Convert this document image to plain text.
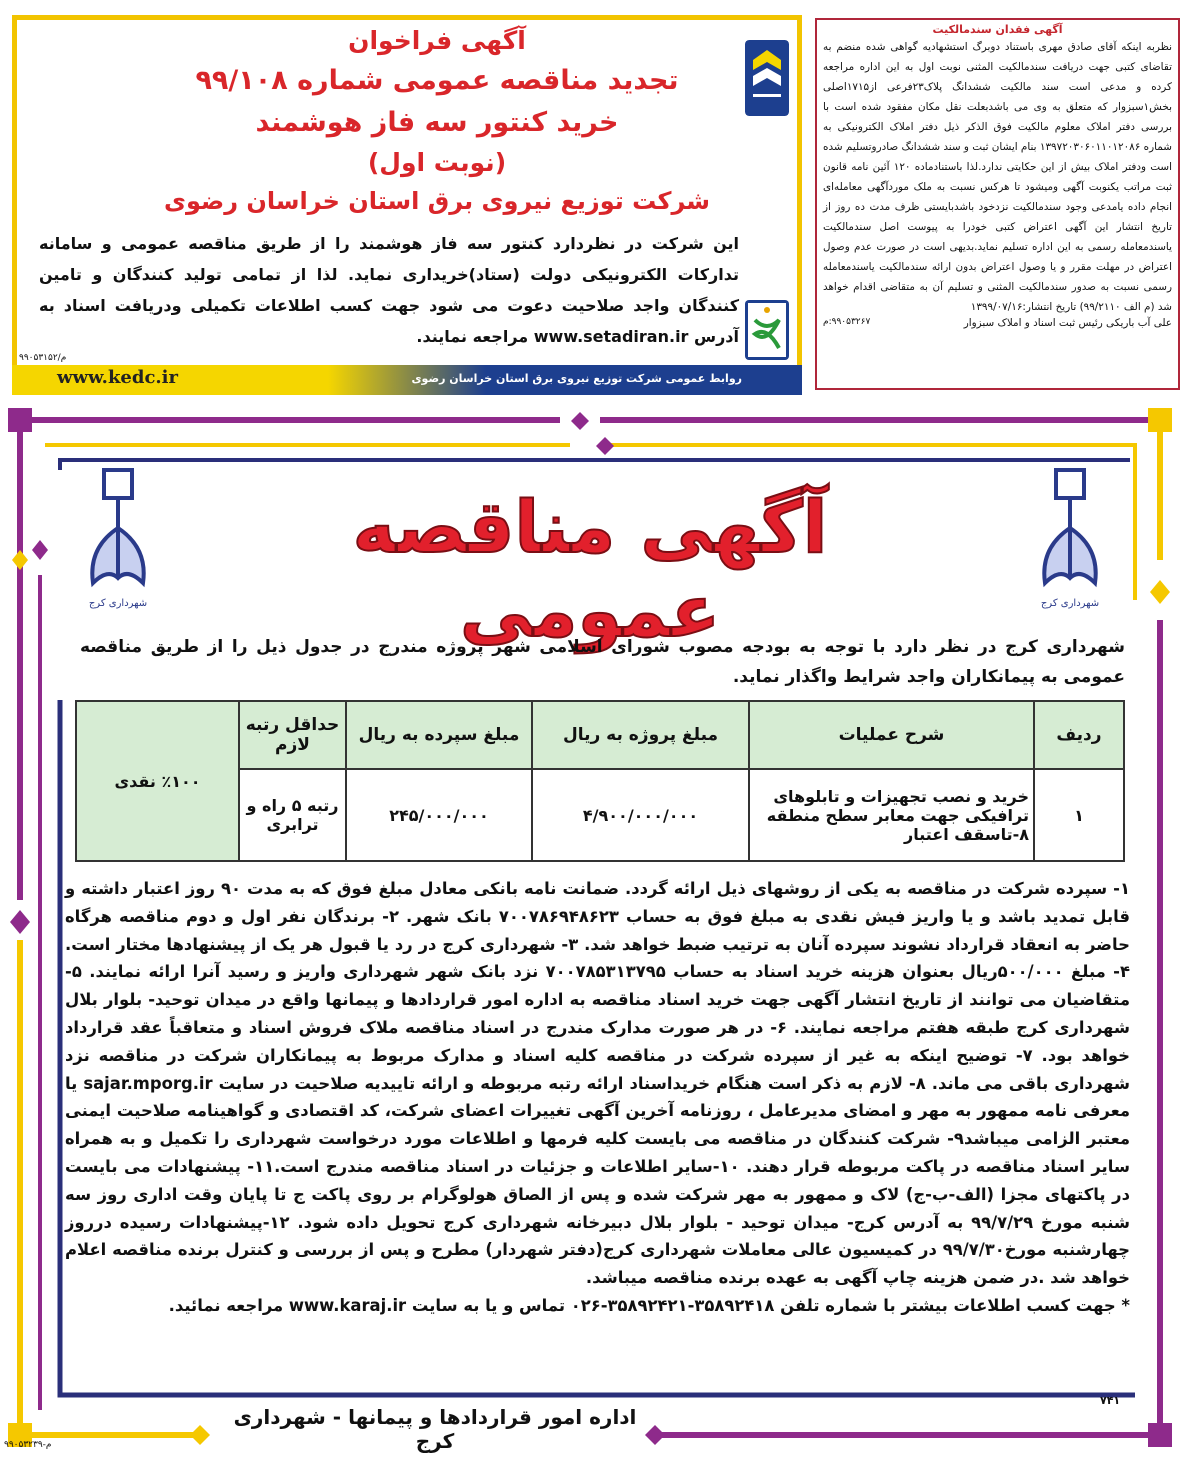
آگهی فراخوان
تجدید مناقصه عمومی شماره ۹۹/۱۰۸
خرید کنتور سه فاز هوشمند
(نوبت اول)
شرکت توزیع نیروی برق استان خراسان رضوی
این شرکت در نظردارد کنتور سه فاز هوشمند را از طریق مناقصه عمومی و سامانه تدارکات الکترونیکی دولت (ستاد)خریداری نماید. لذا از تمامی تولید کنندگان و تامین کنندگان واجد صلاحیت دعوت می شود جهت کسب اطلاعات تکمیلی ودریافت اسناد به آدرس www.setadiran.ir مراجعه نمایند.
م/۹۹۰۵۳۱۵۲
www.kedc.ir	روابط عمومی شرکت توزیع نیروی برق استان خراسان رضوی
آگهی فقدان سندمالکیت

نظربه اینکه آقای صادق مهری باستناد دوبرگ استشهادیه گواهی شده منضم به تقاضای کتبی جهت دریافت سندمالکیت المثنی نوبت اول به این اداره مراجعه کرده و مدعی است سند مالکیت ششدانگ پلاک۲۳فرعی از۱۷۱۵اصلی بخش۱سبزوار که متعلق به وی می باشدبعلت نقل مکان مفقود شده است با بررسی دفتر املاک معلوم مالکیت فوق الذکر ذیل دفتر املاک الکترونیکی به شماره ۱۳۹۷۲۰۳۰۶۰۱۱۰۱۲۰۸۶ بنام ایشان ثبت و سند ششدانگ صادروتسلیم شده است ودفتر املاک بیش از این حکایتی ندارد.لذا باستنادماده ۱۲۰ آئین نامه قانون ثبت مراتب یکنوبت آگهی ومیشود تا هرکس نسبت به ملک موردآگهی معامله‌ای انجام داده یامدعی وجود سندمالکیت نزدخود باشدبایستی ظرف مدت ده روز از تاریخ انتشار این آگهی اعتراض کتبی خودرا به پیوست اصل سندمالکیت یاسندمعامله رسمی به این اداره تسلیم نماید.بدیهی است در صورت عدم وصول اعتراض در مهلت مقرر و یا وصول اعتراض بدون ارائه سندمالکیت یاسندمعامله رسمی نسبت به صدور سندمالکیت المثنی و تسلیم آن به متقاضی اقدام خواهد شد (م الف ۹۹/۲۱۱۰) تاریخ انتشار:۱۳۹۹/۰۷/۱۶

علی آب باریکی رئیس ثبت اسناد و املاک سبزوار
۹۹۰۵۳۲۶۷:م
شهرداری کرج	شهرداری کرج
آگهی مناقصه عمومی
شهرداری کرج در نظر دارد با توجه به بودجه مصوب شورای اسلامی شهر پروژه مندرج در جدول ذیل را از طریق مناقصه عمومی به پیمانکاران واجد شرایط واگذار نماید.
ردیف	شرح عملیات	مبلغ پروژه به ریال	مبلغ سپرده به ریال	حداقل رتبه لازم	٪۱۰۰ نقدی
۱	خرید و نصب تجهیزات و تابلوهای ترافیکی جهت معابر سطح منطقه ۸-تاسقف اعتبار	۴/۹۰۰/۰۰۰/۰۰۰	۲۴۵/۰۰۰/۰۰۰	رتبه ۵ راه و ترابری	
۱- سپرده شرکت در مناقصه به یکی از روشهای ذیل ارائه گردد. ضمانت نامه بانکی معادل مبلغ فوق که به مدت ۹۰ روز اعتبار داشته و قابل تمدید باشد و یا واریز فیش نقدی به مبلغ فوق به حساب ۷۰۰۷۸۶۹۴۸۶۲۳ بانک شهر. ۲- برندگان نفر اول و دوم مناقصه هرگاه حاضر به انعقاد قرارداد نشوند سپرده آنان به ترتیب ضبط خواهد شد. ۳- شهرداری کرج در رد یا قبول هر یک از پیشنهادها مختار است. ۴- مبلغ ۵۰۰/۰۰۰ریال بعنوان هزینه خرید اسناد به حساب ۷۰۰۷۸۵۳۱۳۷۹۵ نزد بانک شهر شهرداری واریز و رسید آنرا ارائه نمایند. ۵- متقاضیان می توانند از تاریخ انتشار آگهی جهت خرید اسناد مناقصه به اداره امور قراردادها و پیمانها واقع در میدان توحید- بلوار بلال شهرداری کرج طبقه هفتم مراجعه نمایند. ۶- در هر صورت مدارک مندرج در اسناد مناقصه ملاک فروش اسناد و متعاقباً عقد قرارداد خواهد بود. ۷- توضیح اینکه به غیر از سپرده شرکت در مناقصه کلیه اسناد و مدارک مربوط به پیمانکاران شرکت در مناقصه نزد شهرداری باقی می ماند. ۸- لازم به ذکر است هنگام خریداسناد ارائه رتبه مربوطه و ارائه تاییدیه صلاحیت در سایت sajar.mporg.ir یا معرفی نامه ممهور به مهر و امضای مدیرعامل ، روزنامه آخرین آگهی تغییرات اعضای شرکت، کد اقتصادی و گواهینامه صلاحیت ایمنی معتبر الزامی میباشد۹- شرکت کنندگان در مناقصه می بایست کلیه فرمها و اطلاعات مورد درخواست شهرداری را تکمیل و به همراه سایر اسناد مناقصه در پاکت مربوطه قرار دهند. ۱۰-سایر اطلاعات و جزئیات در اسناد مناقصه مندرج است.۱۱- پیشنهادات می بایست در پاکتهای مجزا (الف-ب-ج) لاک و ممهور به مهر شرکت شده و پس از الصاق هولوگرام بر روی پاکت ج تا پایان وقت اداری روز سه شنبه مورخ ۹۹/۷/۲۹ به آدرس کرج- میدان توحید - بلوار بلال دبیرخانه شهرداری کرج تحویل داده شود. ۱۲-پیشنهادات رسیده درروز چهارشنبه مورخ۹۹/۷/۳۰ در کمیسیون عالی معاملات شهرداری کرج(دفتر شهردار) مطرح و پس از بررسی و کنترل برنده مناقصه اعلام خواهد شد .در ضمن هزینه چاپ آگهی به عهده برنده مناقصه میباشد.
* جهت کسب اطلاعات بیشتر با شماره تلفن ۳۵۸۹۲۴۱۸-۳۵۸۹۲۴۲۱-۰۲۶ تماس و یا به سایت www.karaj.ir مراجعه نمائید.
۷۴۱
اداره امور قراردادها و پیمانها - شهرداری کرج
م-۹۹۰۵۳۲۳۹
